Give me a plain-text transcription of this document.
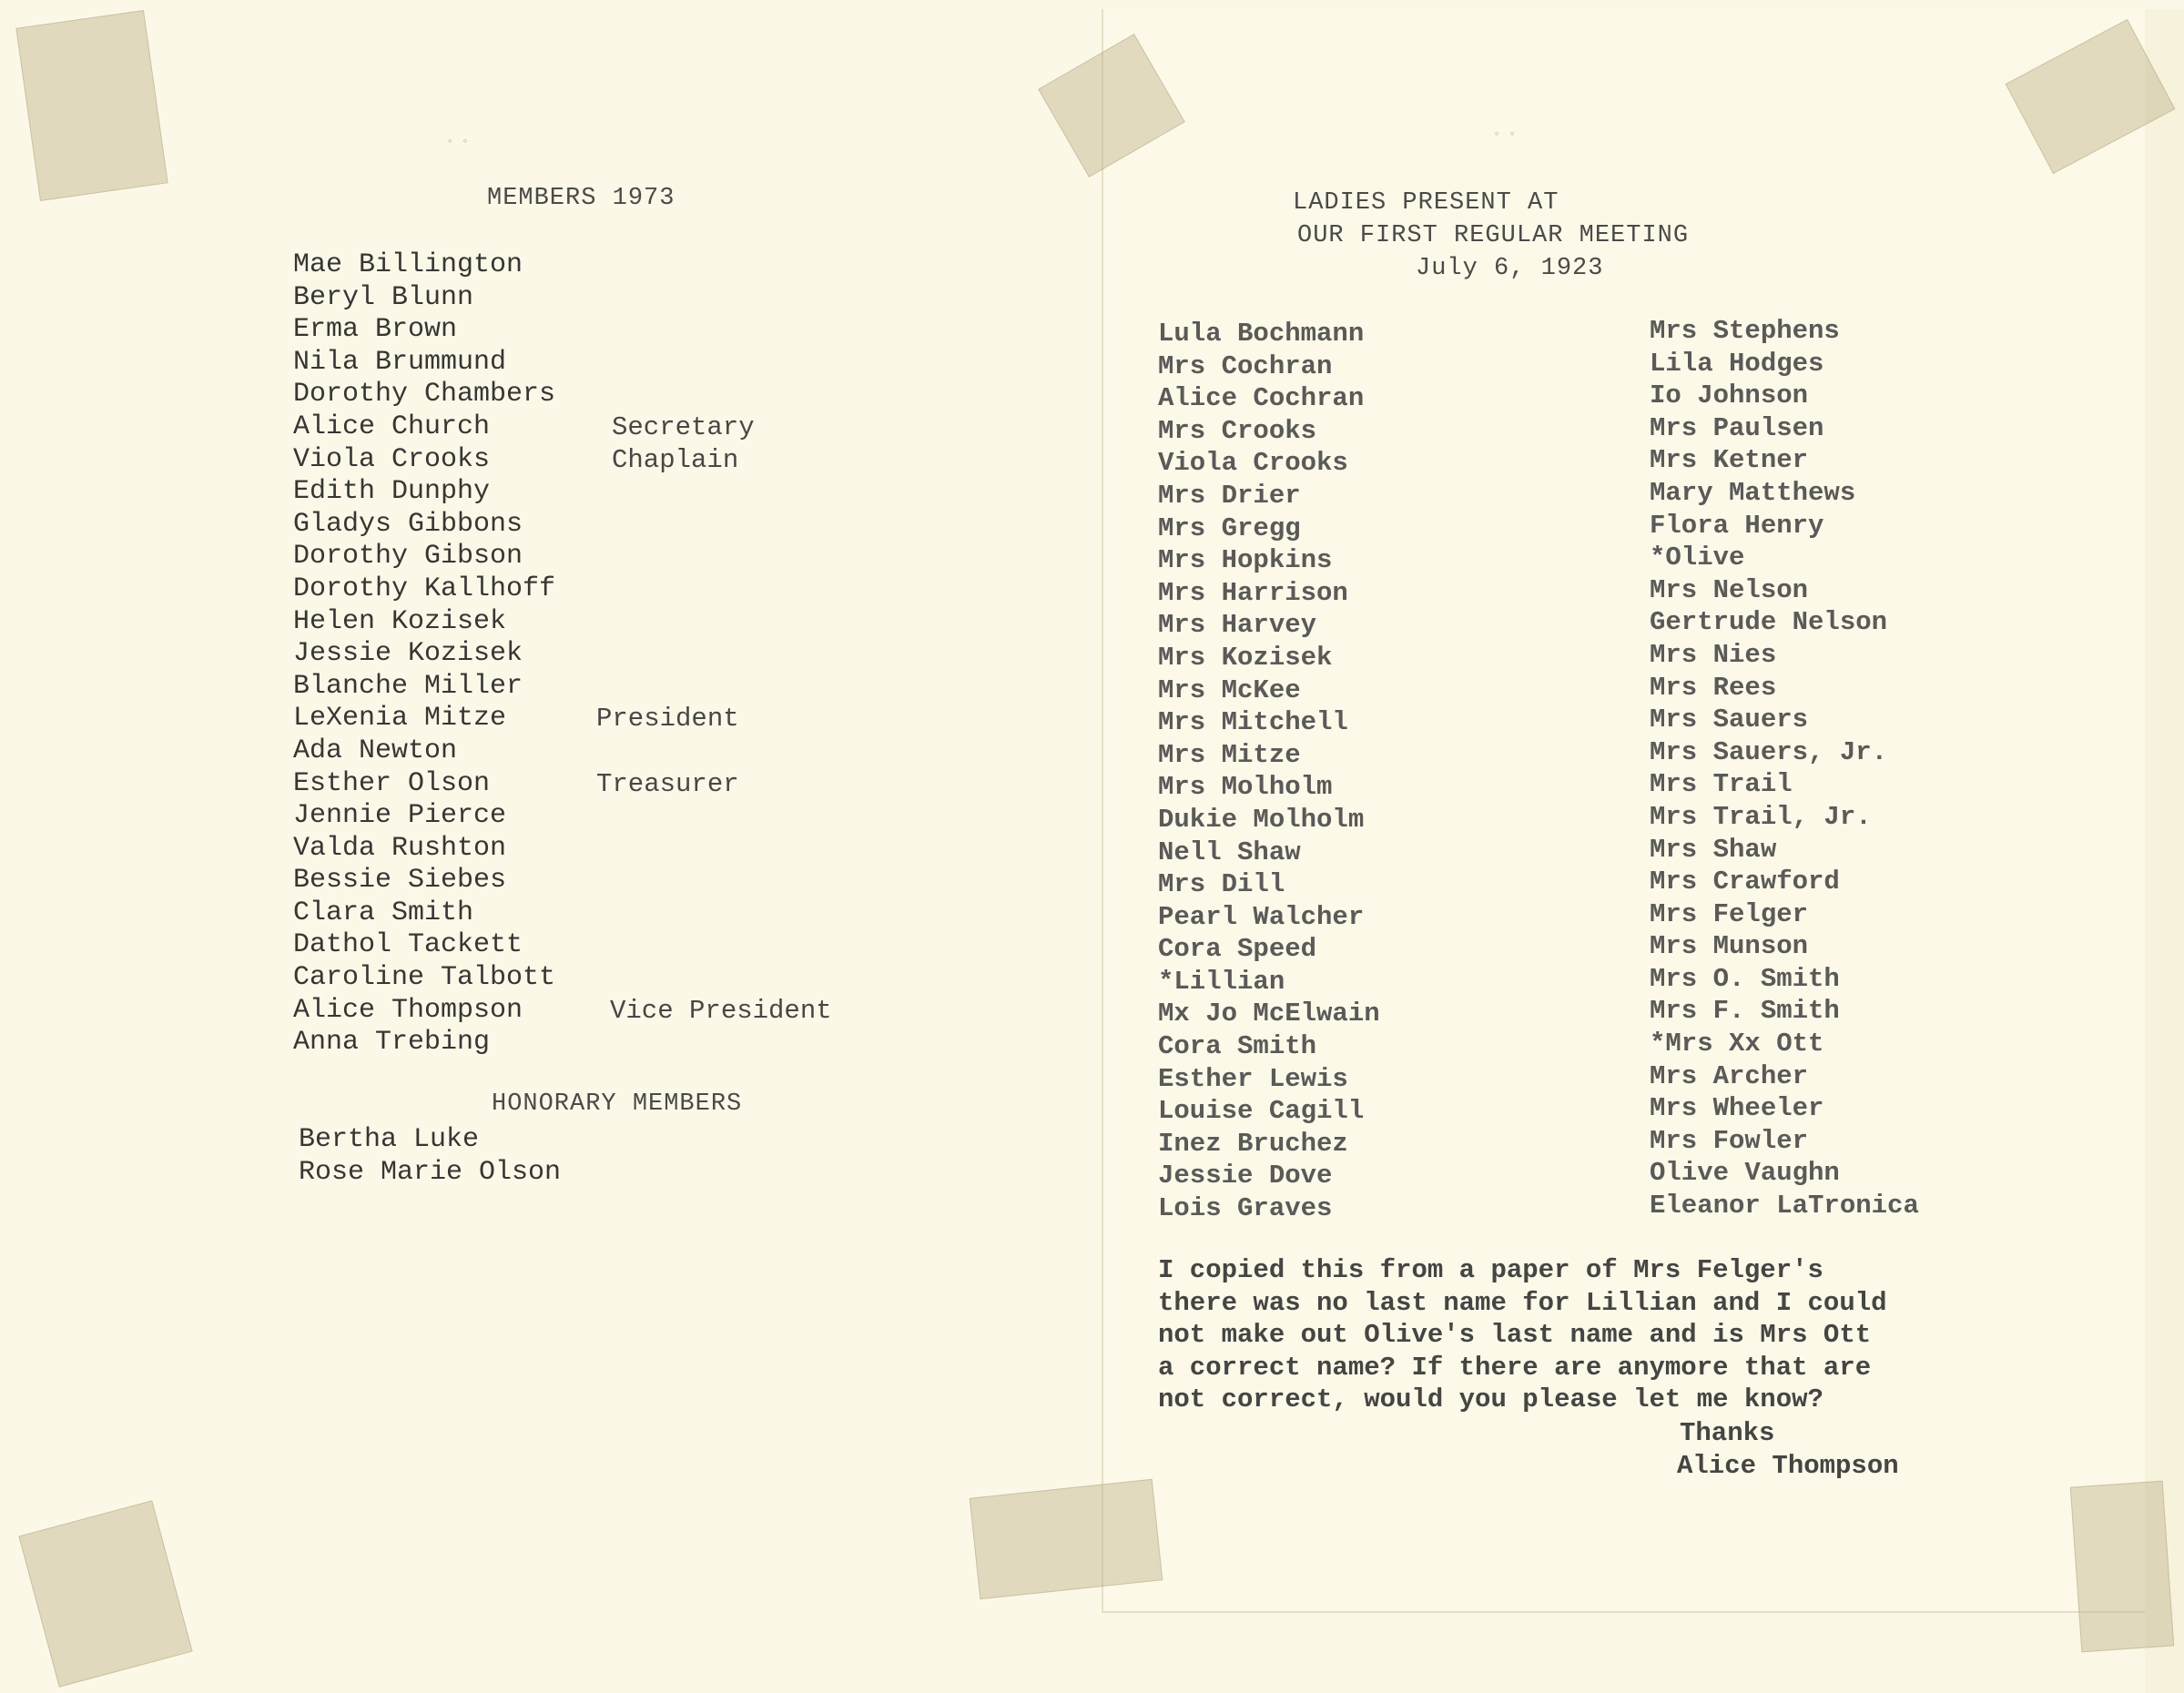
◦ ◦	◦ ◦
MEMBERS 1973
Mae Billington
Beryl Blunn
Erma Brown
Nila Brummund
Dorothy Chambers
Alice Church	Secretary
Viola Crooks	Chaplain
Edith Dunphy
Gladys Gibbons
Dorothy Gibson
Dorothy Kallhoff
Helen Kozisek
Jessie Kozisek
Blanche Miller
LeXenia Mitze	President
Ada Newton
Esther Olson	Treasurer
Jennie Pierce
Valda Rushton
Bessie Siebes
Clara Smith
Dathol Tackett
Caroline Talbott
Alice Thompson	Vice President
Anna Trebing
HONORARY MEMBERS
Bertha Luke
Rose Marie Olson
LADIES PRESENT AT
OUR FIRST REGULAR MEETING
July 6, 1923
Lula Bochmann
Mrs Cochran
Alice Cochran
Mrs Crooks
Viola Crooks
Mrs Drier
Mrs Gregg
Mrs Hopkins
Mrs Harrison
Mrs Harvey
Mrs Kozisek
Mrs McKee
Mrs Mitchell
Mrs Mitze
Mrs Molholm
Dukie Molholm
Nell Shaw
Mrs Dill
Pearl Walcher
Cora Speed
*Lillian
Mx Jo McElwain
Cora Smith
Esther Lewis
Louise Cagill
Inez Bruchez
Jessie Dove
Lois Graves
Mrs Stephens
Lila Hodges
Io Johnson
Mrs Paulsen
Mrs Ketner
Mary Matthews
Flora Henry
*Olive
Mrs Nelson
Gertrude Nelson
Mrs Nies
Mrs Rees
Mrs Sauers
Mrs Sauers, Jr.
Mrs Trail
Mrs Trail, Jr.
Mrs Shaw
Mrs Crawford
Mrs Felger
Mrs Munson
Mrs O. Smith
Mrs F. Smith
*Mrs Xx Ott
Mrs Archer
Mrs Wheeler
Mrs Fowler
Olive Vaughn
Eleanor LaTronica

I copied this from a paper of Mrs Felger's

there was no last name for Lillian and I could

not make out Olive's last name and is Mrs Ott

a correct name? If there are anymore that are

not correct, would you please let me know?

Thanks
Alice Thompson
